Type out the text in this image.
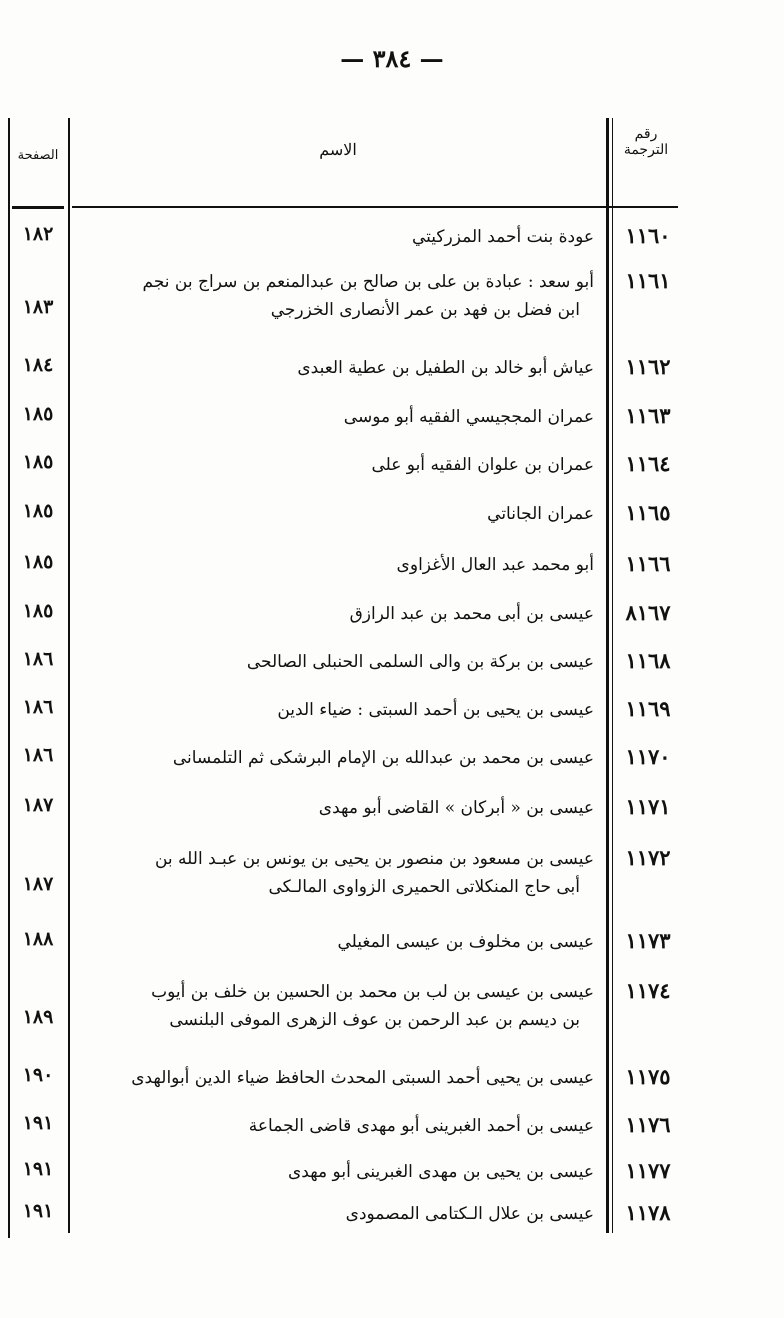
— ٣٨٤ —
رقم الترجمة
الاسم
الصفحة
١١٦٠
عودة بنت أحمد المزركيتي
١٨٢
١١٦١
أبو سعد : عبادة بن على بن صالح بن عبدالمنعم بن سراج بن نجم
ابن فضل بن فهد بن عمر الأنصارى الخزرجي
١٨٣
١١٦٢
عياش أبو خالد بن الطفيل بن عطية العبدى
١٨٤
١١٦٣
عمران المججيسي الفقيه أبو موسى
١٨٥
١١٦٤
عمران بن علوان الفقيه أبو على
١٨٥
١١٦٥
عمران الجاناتي
١٨٥
١١٦٦
أبو محمد عبد العال الأغزاوى
١٨٥
٨١٦٧
عيسى بن أبى محمد بن عبد الرازق
١٨٥
١١٦٨
عيسى بن بركة بن والى السلمى الحنبلى الصالحى
١٨٦
١١٦٩
عيسى بن يحيى بن أحمد السبتى : ضياء الدين
١٨٦
١١٧٠
عيسى بن محمد بن عبدالله بن الإمام البرشكى ثم التلمسانى
١٨٦
١١٧١
عيسى بن « أبركان » القاضى أبو مهدى
١٨٧
١١٧٢
عيسى بن مسعود بن منصور بن يحيى بن يونس بن عبـد الله بن
أبى حاج المنكلاتى الحميرى الزواوى المالـكى
١٨٧
١١٧٣
عيسى بن مخلوف بن عيسى المغيلي
١٨٨
١١٧٤
عيسى بن عيسى بن لب بن محمد بن الحسين بن خلف بن أيوب
بن ديسم بن عبد الرحمن بن عوف الزهرى الموفى البلنسى
١٨٩
١١٧٥
عيسى بن يحيى أحمد السبتى المحدث الحافظ ضياء الدين أبوالهدى
١٩٠
١١٧٦
عيسى بن أحمد الغبرينى أبو مهدى قاضى الجماعة
١٩١
١١٧٧
عيسى بن يحيى بن مهدى الغبرينى أبو مهدى
١٩١
١١٧٨
عيسى بن علال الـكتامى المصمودى
١٩١
